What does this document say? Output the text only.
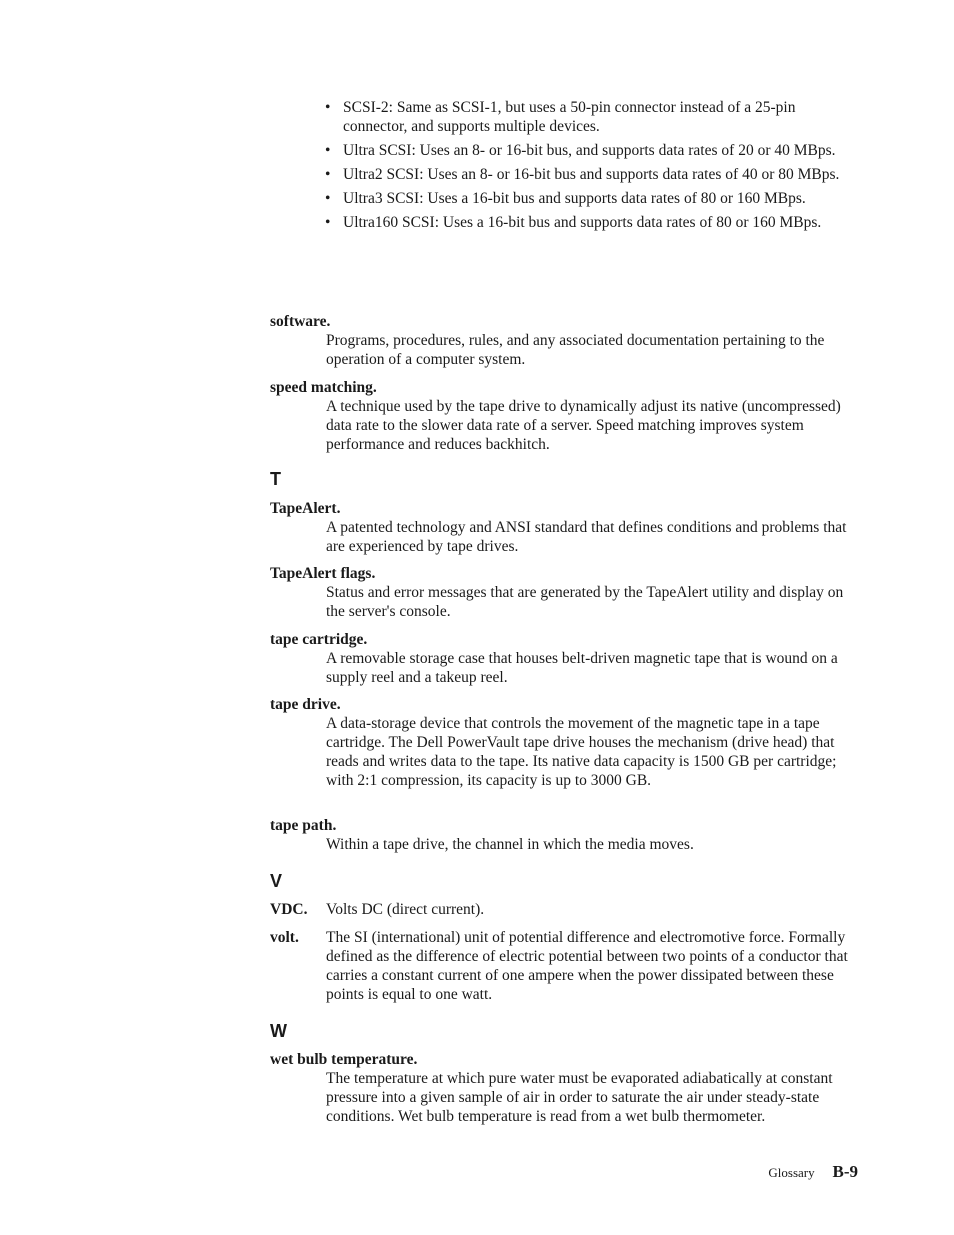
• SCSI-2: Same as SCSI-1, but uses a 50-pin connector instead of a 25-pin connector, and supports multiple devices.
• Ultra SCSI: Uses an 8- or 16-bit bus, and supports data rates of 20 or 40 MBps.
• Ultra2 SCSI: Uses an 8- or 16-bit bus and supports data rates of 40 or 80 MBps.
• Ultra3 SCSI: Uses a 16-bit bus and supports data rates of 80 or 160 MBps.
• Ultra160 SCSI: Uses a 16-bit bus and supports data rates of 80 or 160 MBps.
software.
Programs, procedures, rules, and any associated documentation pertaining to the operation of a computer system.
speed matching.
A technique used by the tape drive to dynamically adjust its native (uncompressed) data rate to the slower data rate of a server. Speed matching improves system performance and reduces backhitch.
T
TapeAlert.
A patented technology and ANSI standard that defines conditions and problems that are experienced by tape drives.
TapeAlert flags.
Status and error messages that are generated by the TapeAlert utility and display on the server's console.
tape cartridge.
A removable storage case that houses belt-driven magnetic tape that is wound on a supply reel and a takeup reel.
tape drive.
A data-storage device that controls the movement of the magnetic tape in a tape cartridge. The Dell PowerVault tape drive houses the mechanism (drive head) that reads and writes data to the tape. Its native data capacity is 1500 GB per cartridge; with 2:1 compression, its capacity is up to 3000 GB.
tape path.
Within a tape drive, the channel in which the media moves.
V
VDC. Volts DC (direct current).
volt. The SI (international) unit of potential difference and electromotive force. Formally defined as the difference of electric potential between two points of a conductor that carries a constant current of one ampere when the power dissipated between these points is equal to one watt.
W
wet bulb temperature.
The temperature at which pure water must be evaporated adiabatically at constant pressure into a given sample of air in order to saturate the air under steady-state conditions. Wet bulb temperature is read from a wet bulb thermometer.
Glossary B-9
